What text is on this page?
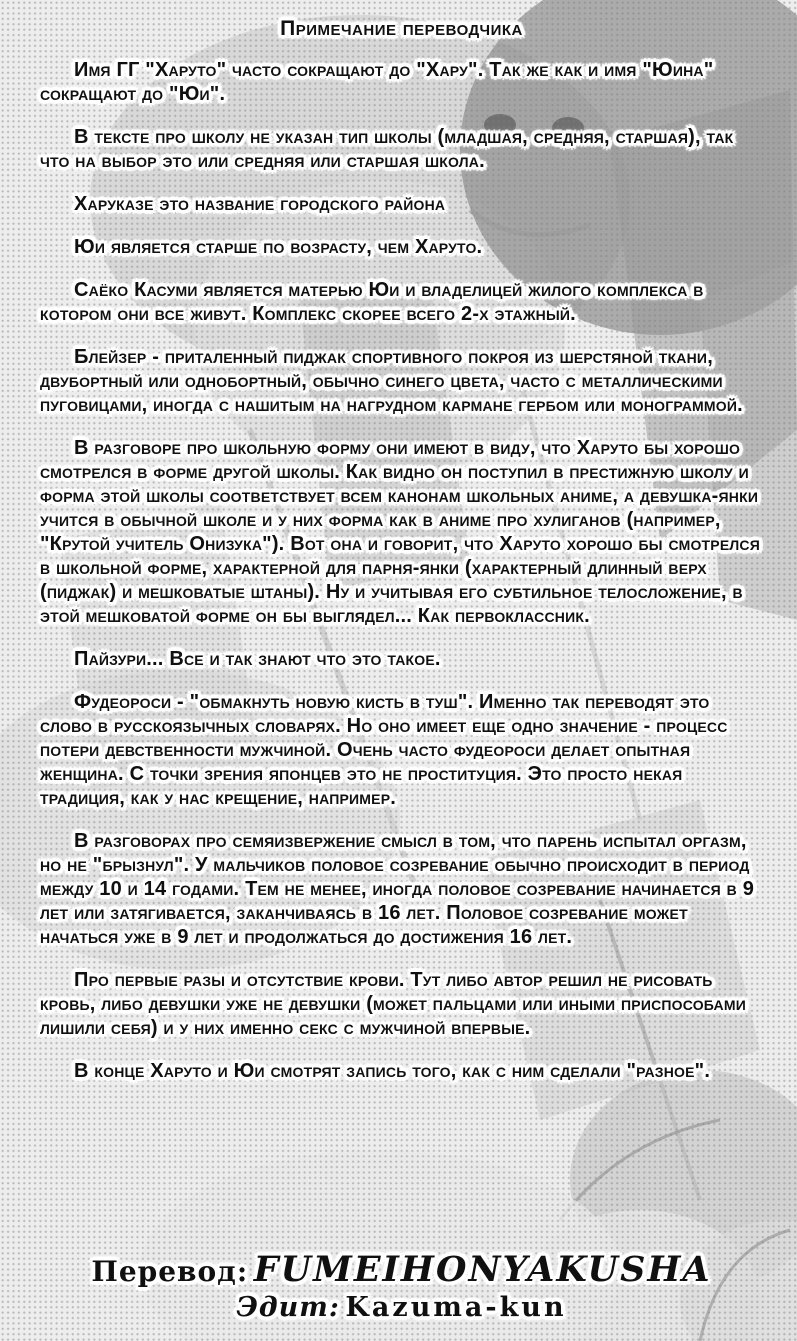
Примечание переводчика

Имя ГГ "Харуто" часто сокращают до "Хару". Так же как и имя "Юина" сокращают до "Юи".

В тексте про школу не указан тип школы (младшая, средняя, старшая), так что на выбор это или средняя или старшая школа.

Харуказе это название городского района

Юи является старше по возрасту, чем Харуто.

Саёко Касуми является матерью Юи и владелицей жилого комплекса в котором они все живут. Комплекс скорее всего 2-х этажный.

Блейзер - приталенный пиджак спортивного покроя из шерстяной ткани, двубортный или однобортный, обычно синего цвета, часто с металлическими пуговицами, иногда с нашитым на нагрудном кармане гербом или монограммой.

В разговоре про школьную форму они имеют в виду, что Харуто бы хорошо смотрелся в форме другой школы. Как видно он поступил в престижную школу и форма этой школы соответствует всем канонам школьных аниме, а девушка-янки учится в обычной школе и у них форма как в аниме про хулиганов (например, "Крутой учитель Онизука"). Вот она и говорит, что Харуто хорошо бы смотрелся в школьной форме, характерной для парня-янки (характерный длинный верх (пиджак) и мешковатые штаны). Ну и учитывая его субтильное телосложение, в этой мешковатой форме он бы выглядел... Как первоклассник.

Пайзури... Все и так знают что это такое.

Фудеороси - "обмакнуть новую кисть в туш". Именно так переводят это слово в русскоязычных словарях. Но оно имеет еще одно значение - процесс потери девственности мужчиной. Очень часто фудеороси делает опытная женщина. С точки зрения японцев это не проституция. Это просто некая традиция, как у нас крещение, например.

В разговорах про семяизвержение смысл в том, что парень испытал оргазм, но не "брызнул". У мальчиков половое созревание обычно происходит в период между 10 и 14 годами. Тем не менее, иногда половое созревание начинается в 9 лет или затягивается, заканчиваясь в 16 лет. Половое созревание может начаться уже в 9 лет и продолжаться до достижения 16 лет.

Про первые разы и отсутствие крови. Тут либо автор решил не рисовать кровь, либо девушки уже не девушки (может пальцами или иными приспособами лишили себя) и у них именно секс с мужчиной впервые.

В конце Харуто и Юи смотрят запись того, как с ним сделали "разное".

Перевод: FUMEIHONYAKUSHA
Эдит: Kazuma-kun
